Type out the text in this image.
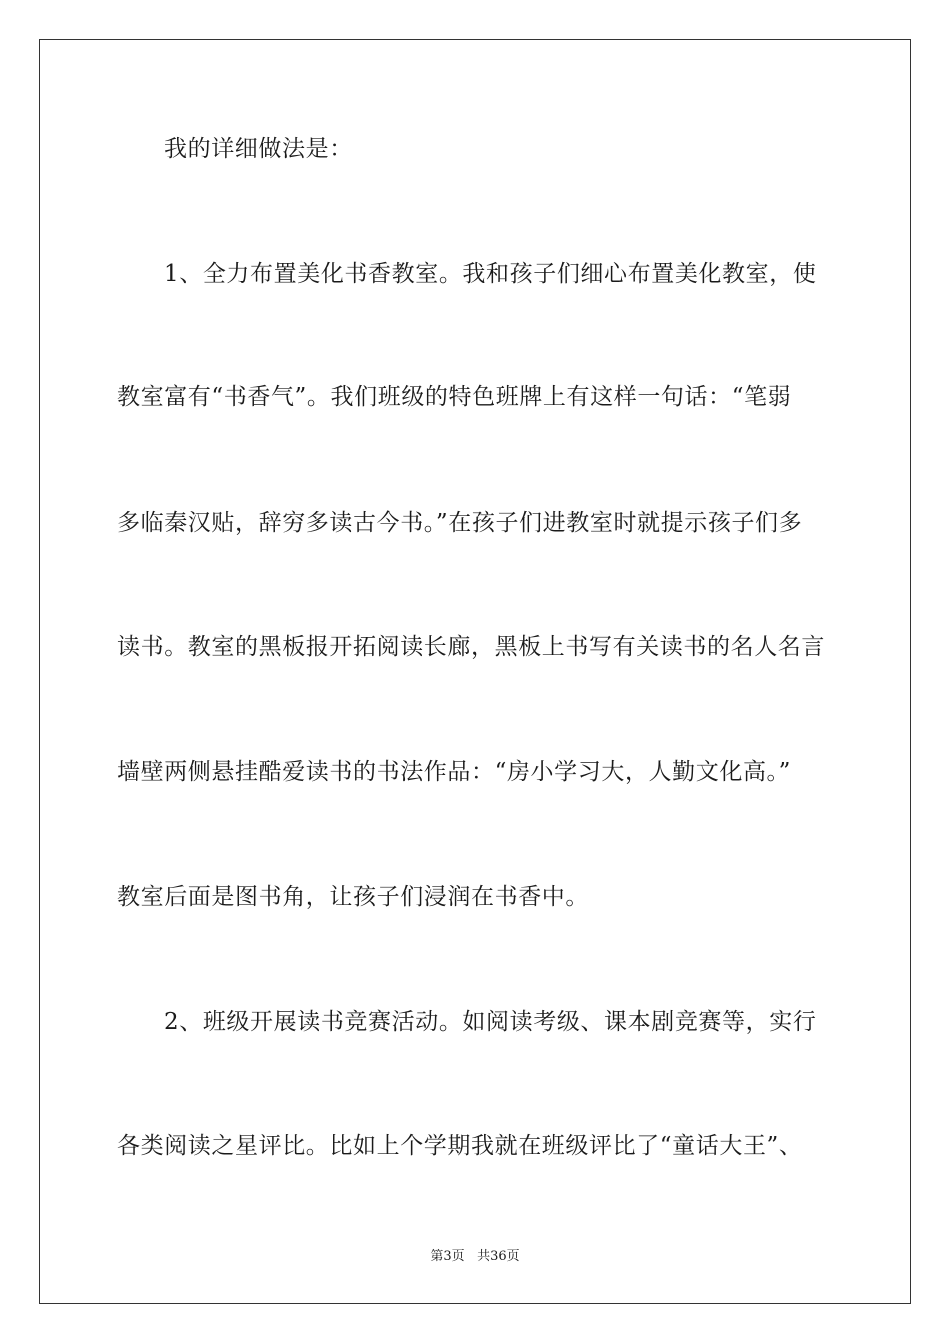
我的详细做法是：
1、全力布置美化书香教室。我和孩子们细心布置美化教室，使
教室富有“书香气”。我们班级的特色班牌上有这样一句话：“笔弱
多临秦汉贴，辞穷多读古今书。”在孩子们进教室时就提示孩子们多
读书。教室的黑板报开拓阅读长廊，黑板上书写有关读书的名人名言
墙壁两侧悬挂酷爱读书的书法作品：“房小学习大，人勤文化高。”
教室后面是图书角，让孩子们浸润在书香中。
2、班级开展读书竞赛活动。如阅读考级、课本剧竞赛等，实行
各类阅读之星评比。比如上个学期我就在班级评比了“童话大王”、
第3页 共36页
